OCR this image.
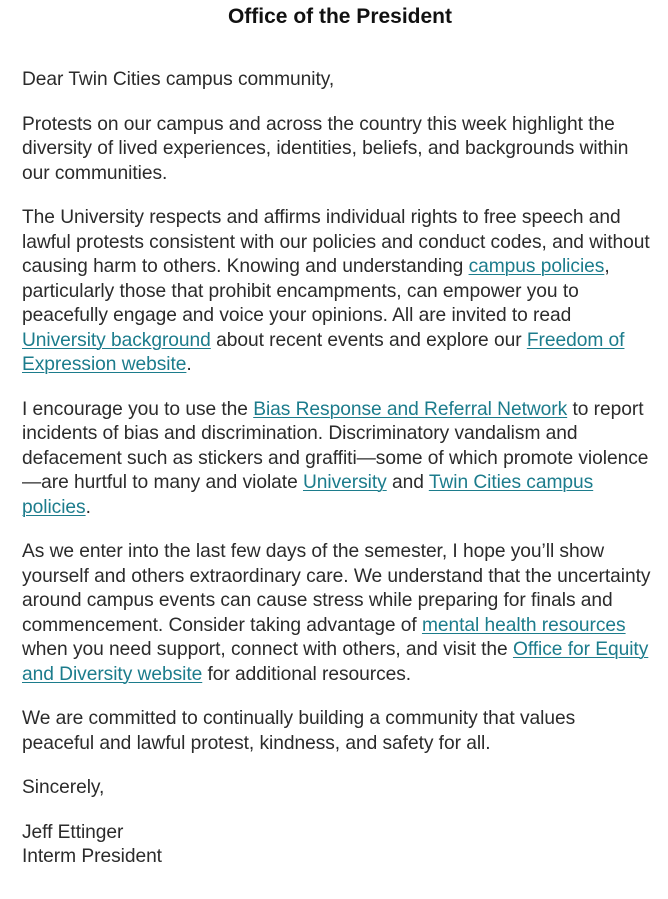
Office of the President

Dear Twin Cities campus community,

Protests on our campus and across the country this week highlight the diversity of lived experiences, identities, beliefs, and backgrounds within our communities.

The University respects and affirms individual rights to free speech and lawful protests consistent with our policies and conduct codes, and without causing harm to others. Knowing and understanding campus policies, particularly those that prohibit encampments, can empower you to peacefully engage and voice your opinions. All are invited to read University background about recent events and explore our Freedom of Expression website.

I encourage you to use the Bias Response and Referral Network to report incidents of bias and discrimination. Discriminatory vandalism and defacement such as stickers and graffiti—some of which promote violence—are hurtful to many and violate University and Twin Cities campus policies.

As we enter into the last few days of the semester, I hope you’ll show yourself and others extraordinary care. We understand that the uncertainty around campus events can cause stress while preparing for finals and commencement. Consider taking advantage of mental health resources when you need support, connect with others, and visit the Office for Equity and Diversity website for additional resources.

We are committed to continually building a community that values peaceful and lawful protest, kindness, and safety for all.

Sincerely,

Jeff Ettinger
Interm President
